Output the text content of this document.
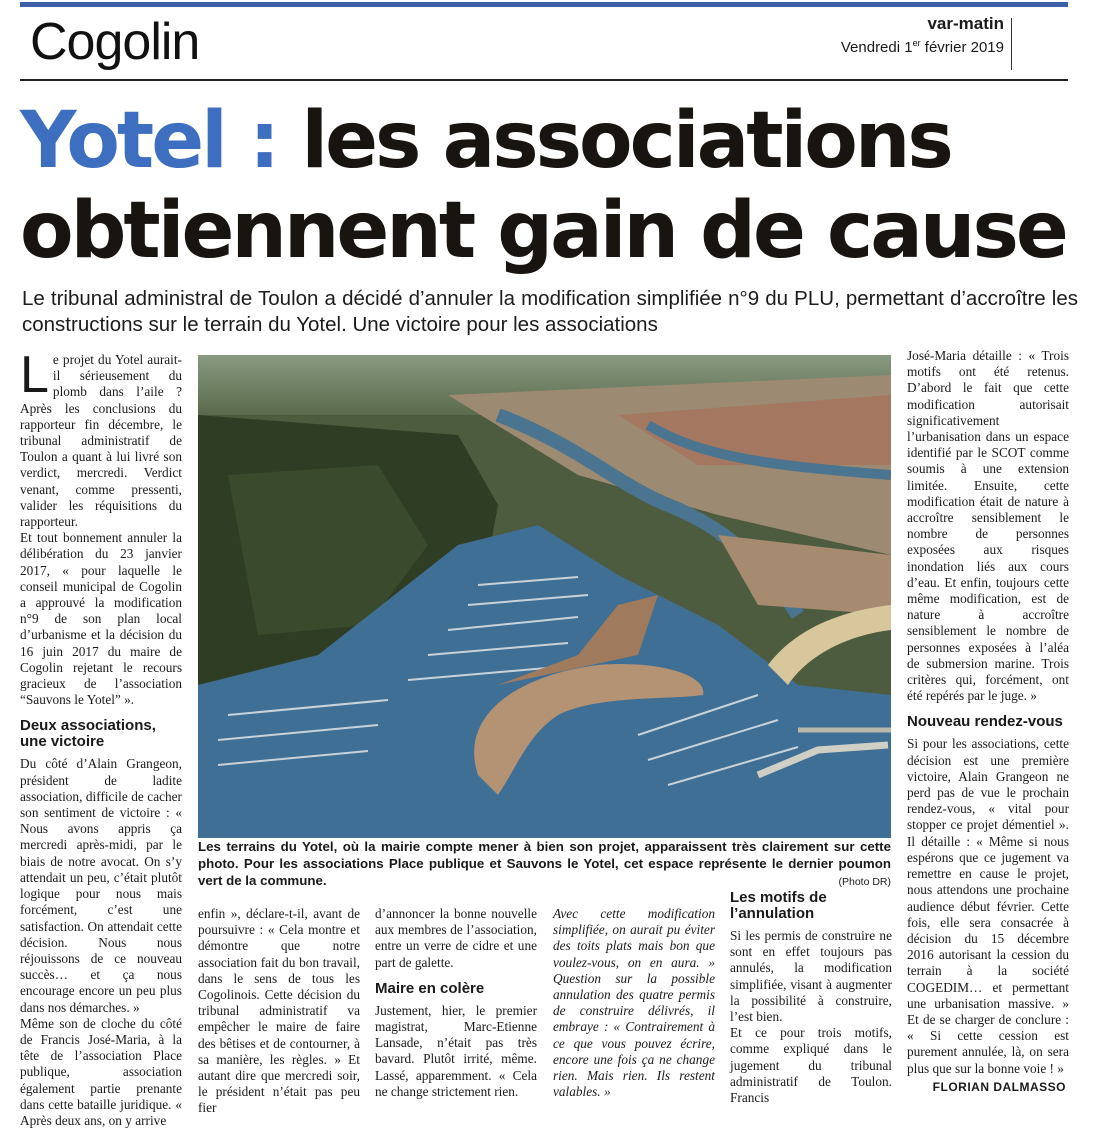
Cogolin	var-matin
Vendredi 1er février 2019
Yotel : les associations
obtiennent gain de cause
Le tribunal administral de Toulon a décidé d’annuler la modification simplifiée n°9 du PLU, permettant d’accroître les constructions sur le terrain du Yotel. Une victoire pour les associations

Le projet du Yotel aurait-il sérieusement du plomb dans l’aile ? Après les conclusions du rapporteur fin décembre, le tribunal administratif de Toulon a quant à lui livré son verdict, mercredi. Verdict venant, comme pressenti, valider les réquisitions du rapporteur.

Et tout bonnement annuler la délibération du 23 janvier 2017, « pour laquelle le conseil municipal de Cogolin a approuvé la modification n°9 de son plan local d’urbanisme et la décision du 16 juin 2017 du maire de Cogolin rejetant le recours gracieux de l’association “Sauvons le Yotel” ».

Deux associations, une victoire

Du côté d’Alain Grangeon, président de ladite association, difficile de cacher son sentiment de victoire : « Nous avons appris ça mercredi après-midi, par le biais de notre avocat. On s’y attendait un peu, c’était plutôt logique pour nous mais forcément, c’est une satisfaction. On attendait cette décision. Nous nous réjouissons de ce nouveau succès… et ça nous encourage encore un peu plus dans nos démarches. »

Même son de cloche du côté de Francis José-Maria, à la tête de l’association Place publique, association également partie prenante dans cette bataille juridique. « Après deux ans, on y arrive

Les terrains du Yotel, où la mairie compte mener à bien son projet, apparaissent très clairement sur cette photo. Pour les associations Place publique et Sauvons le Yotel, cet espace représente le dernier poumon vert de la commune.	(Photo DR)

enfin », déclare-t-il, avant de poursuivre : « Cela montre et démontre que notre association fait du bon travail, dans le sens de tous les Cogolinois. Cette décision du tribunal administratif va empêcher le maire de faire des bêtises et de contourner, à sa manière, les règles. » Et autant dire que mercredi soir, le président n’était pas peu fier

d’annoncer la bonne nouvelle aux membres de l’association, entre un verre de cidre et une part de galette.

Maire en colère

Justement, hier, le premier magistrat, Marc-Etienne Lansade, n’était pas très bavard. Plutôt irrité, même. Lassé, apparemment. « Cela ne change strictement rien.

Avec cette modification simplifiée, on aurait pu éviter des toits plats mais bon que voulez-vous, on en aura. » Question sur la possible annulation des quatre permis de construire délivrés, il embraye : « Contrairement à ce que vous pouvez écrire, encore une fois ça ne change rien. Mais rien. Ils restent valables. »

Les motifs de l’annulation

Si les permis de construire ne sont en effet toujours pas annulés, la modification simplifiée, visant à augmenter la possibilité à construire, l’est bien.

Et ce pour trois motifs, comme expliqué dans le jugement du tribunal administratif de Toulon. Francis

José-Maria détaille : « Trois motifs ont été retenus. D’abord le fait que cette modification autorisait significativement l’urbanisation dans un espace identifié par le SCOT comme soumis à une extension limitée. Ensuite, cette modification était de nature à accroître sensiblement le nombre de personnes exposées aux risques inondation liés aux cours d’eau. Et enfin, toujours cette même modification, est de nature à accroître sensiblement le nombre de personnes exposées à l’aléa de submersion marine. Trois critères qui, forcément, ont été repérés par le juge. »

Nouveau rendez-vous

Si pour les associations, cette décision est une première victoire, Alain Grangeon ne perd pas de vue le prochain rendez-vous, « vital pour stopper ce projet démentiel ». Il détaille : « Même si nous espérons que ce jugement va remettre en cause le projet, nous attendons une prochaine audience début février. Cette fois, elle sera consacrée à décision du 15 décembre 2016 autorisant la cession du terrain à la société COGEDIM… et permettant une urbanisation massive. » Et de se charger de conclure : « Si cette cession est purement annulée, là, on sera plus que sur la bonne voie ! »

FLORIAN DALMASSO
